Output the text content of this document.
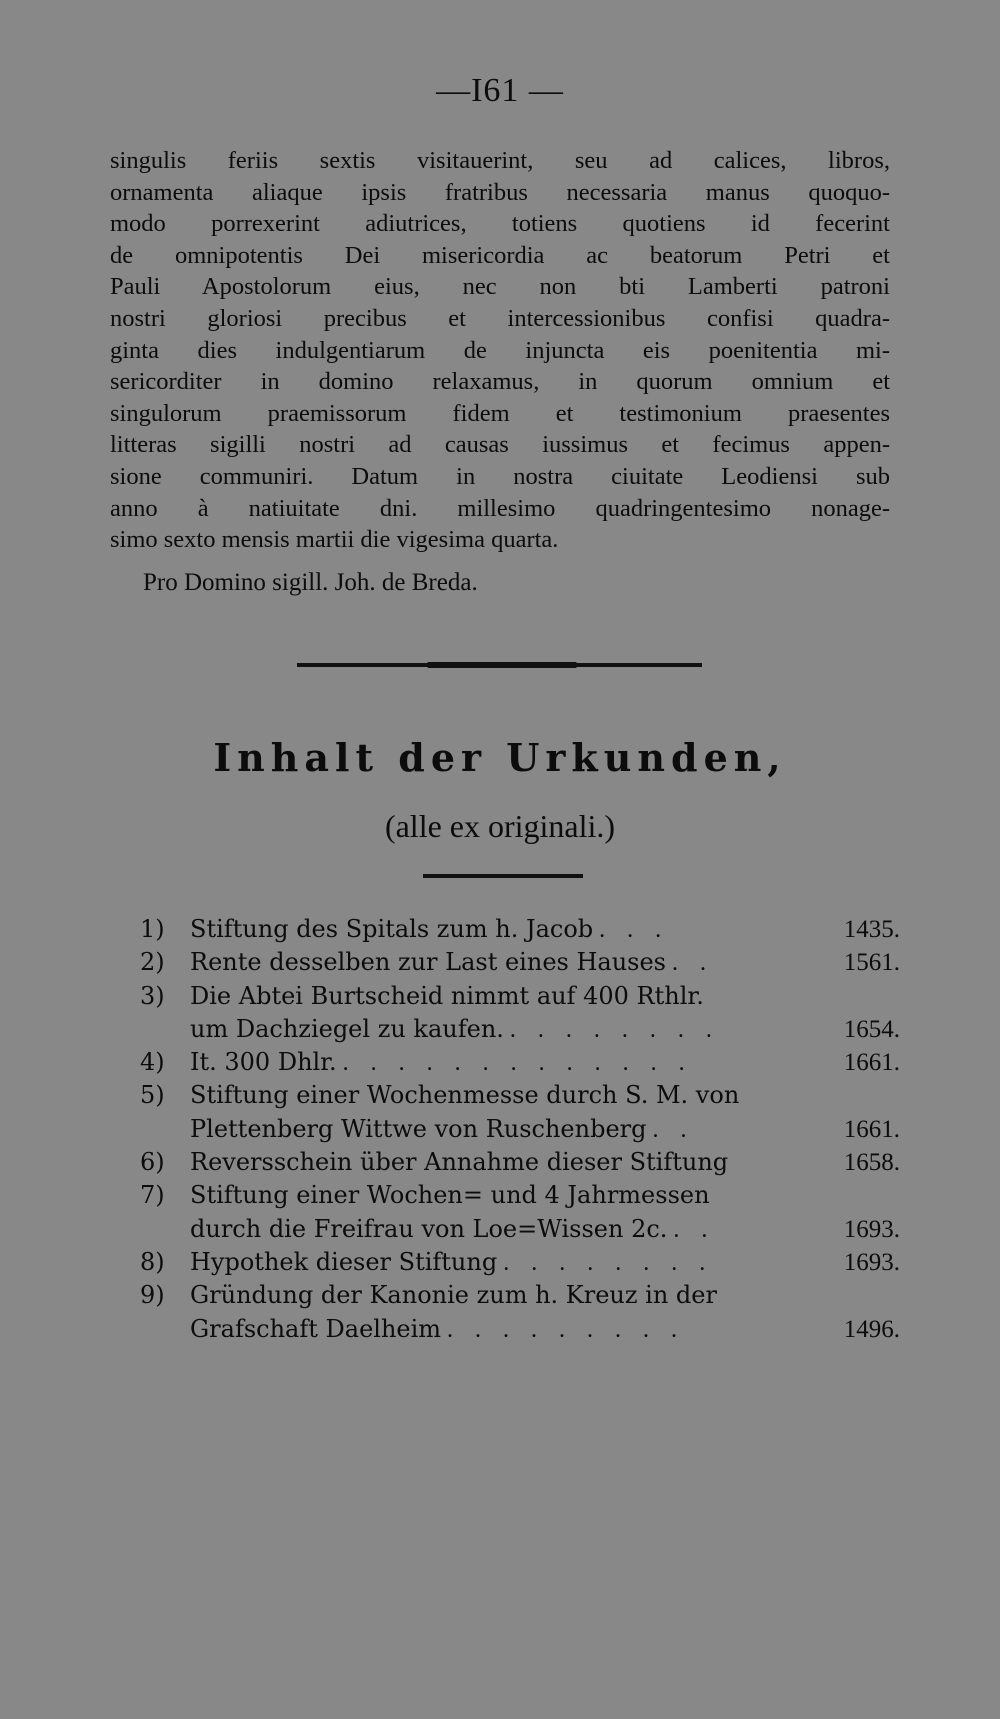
—I61 —
singulis feriis sextis visitauerint, seu ad calices, libros,
ornamenta aliaque ipsis fratribus necessaria manus quoquo-
modo porrexerint adiutrices, totiens quotiens id fecerint
de omnipotentis Dei misericordia ac beatorum Petri et
Pauli Apostolorum eius, nec non bti Lamberti patroni
nostri gloriosi precibus et intercessionibus confisi quadra-
ginta dies indulgentiarum de injuncta eis poenitentia mi-
sericorditer in domino relaxamus, in quorum omnium et
singulorum praemissorum fidem et testimonium praesentes
litteras sigilli nostri ad causas iussimus et fecimus appen-
sione communiri. Datum in nostra ciuitate Leodiensi sub
anno à natiuitate dni. millesimo quadringentesimo nonage-
simo sexto mensis martii die vigesima quarta.
Pro Domino sigill. Joh. de Breda.
Inhalt der Urkunden,
(alle ex originali.)
1)	Stiftung des Spitals zum h. Jacob . . .	1435.
2)	Rente desselben zur Last eines Hauses . .	1561.
3)	Die Abtei Burtscheid nimmt auf 400 Rthlr.
um Dachziegel zu kaufen. . . . . . . . .	1654.
4)	It. 300 Dhlr. . . . . . . . . . . . . .	1661.
5)	Stiftung einer Wochenmesse durch S. M. von
Plettenberg Wittwe von Ruschenberg . .	1661.
6)	Reversschein über Annahme dieser Stiftung	1658.
7)	Stiftung einer Wochen= und 4 Jahrmessen
durch die Freifrau von Loe=Wissen 2c. . .	1693.
8)	Hypothek dieser Stiftung . . . . . . . .	1693.
9)	Gründung der Kanonie zum h. Kreuz in der
Grafschaft Daelheim . . . . . . . . .	1496.
